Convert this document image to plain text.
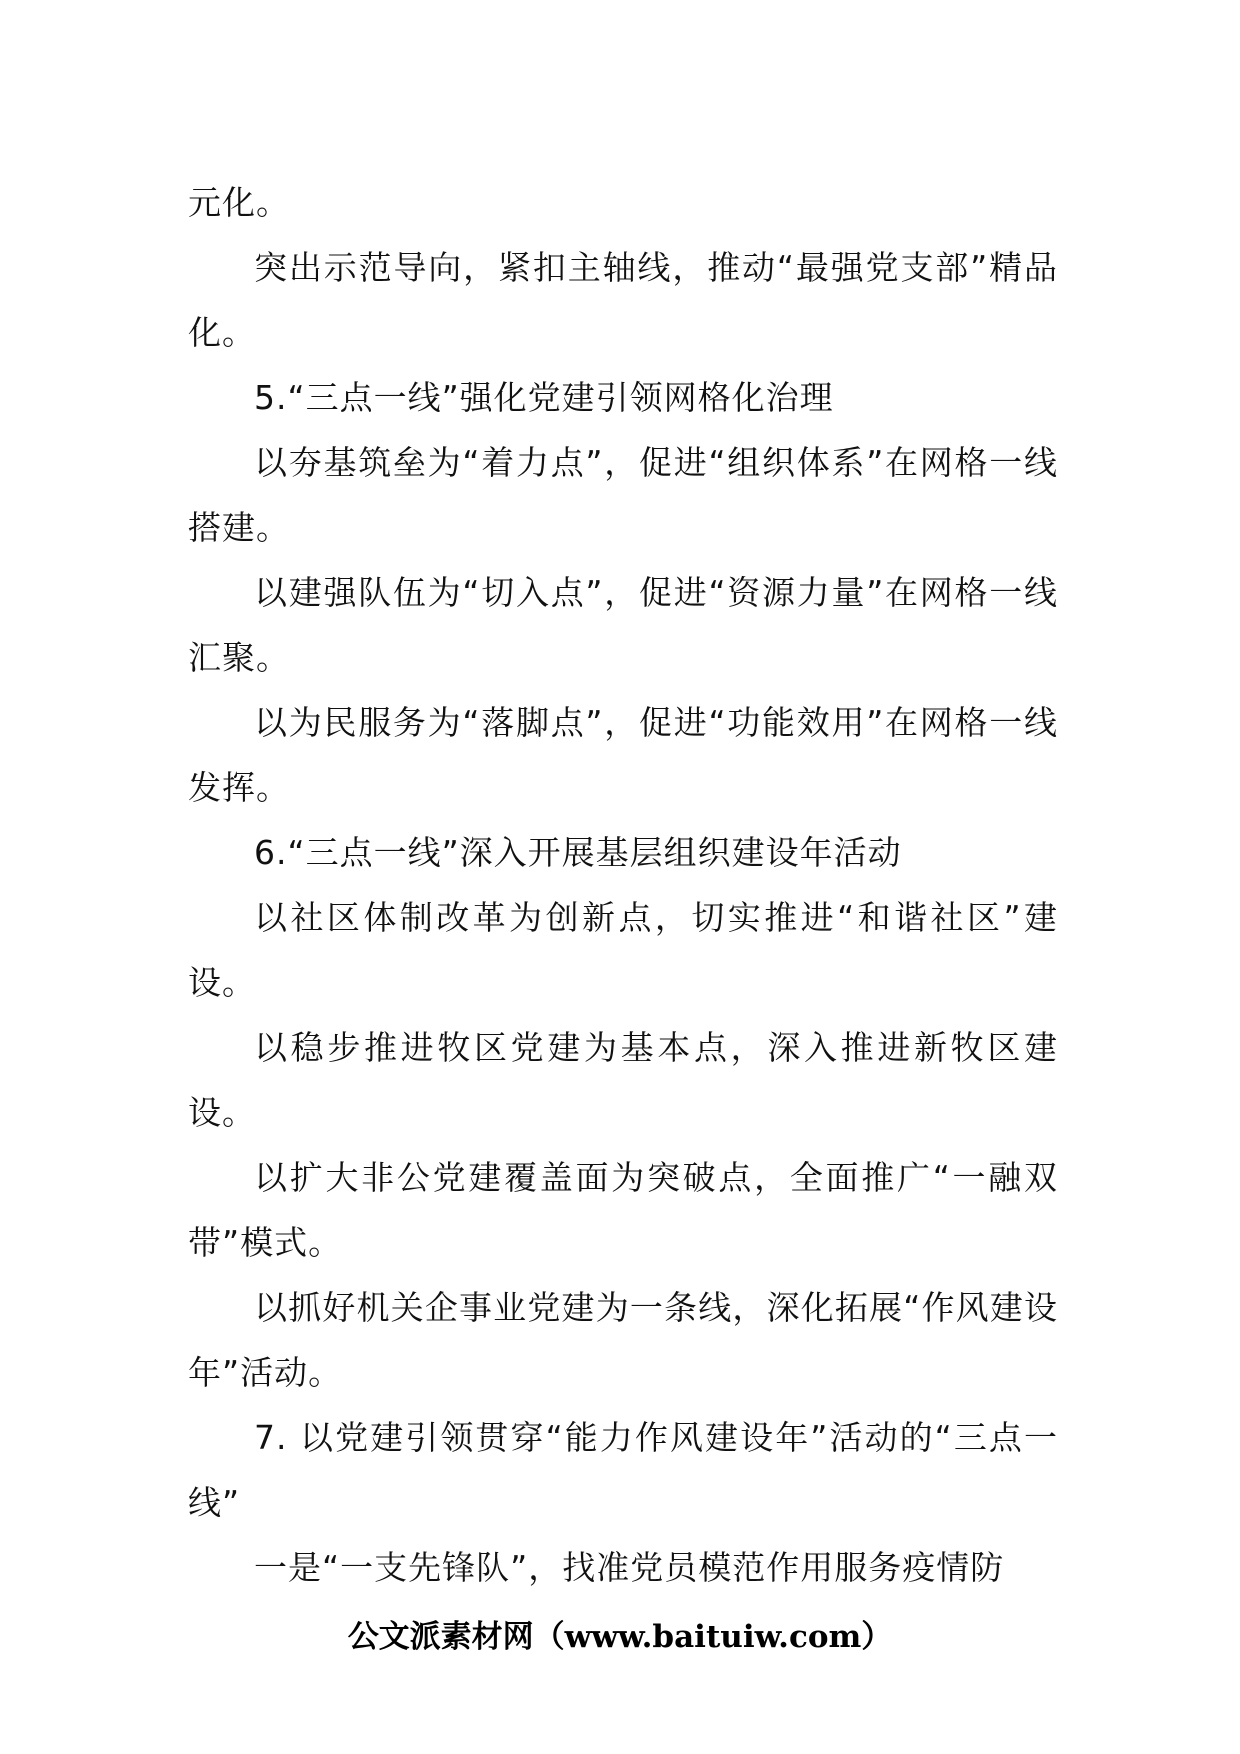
元化。

突出示范导向，紧扣主轴线，推动“最强党支部”精品化。

5.“三点一线”强化党建引领网格化治理

以夯基筑垒为“着力点”，促进“组织体系”在网格一线搭建。

以建强队伍为“切入点”，促进“资源力量”在网格一线汇聚。

以为民服务为“落脚点”，促进“功能效用”在网格一线发挥。

6.“三点一线”深入开展基层组织建设年活动

以社区体制改革为创新点，切实推进“和谐社区”建设。

以稳步推进牧区党建为基本点，深入推进新牧区建设。

以扩大非公党建覆盖面为突破点，全面推广“一融双带”模式。

以抓好机关企事业党建为一条线，深化拓展“作风建设年”活动。

7. 以党建引领贯穿“能力作风建设年”活动的“三点一线”

一是“一支先锋队”，找准党员模范作用服务疫情防

公文派素材网（www.baituiw.com）
